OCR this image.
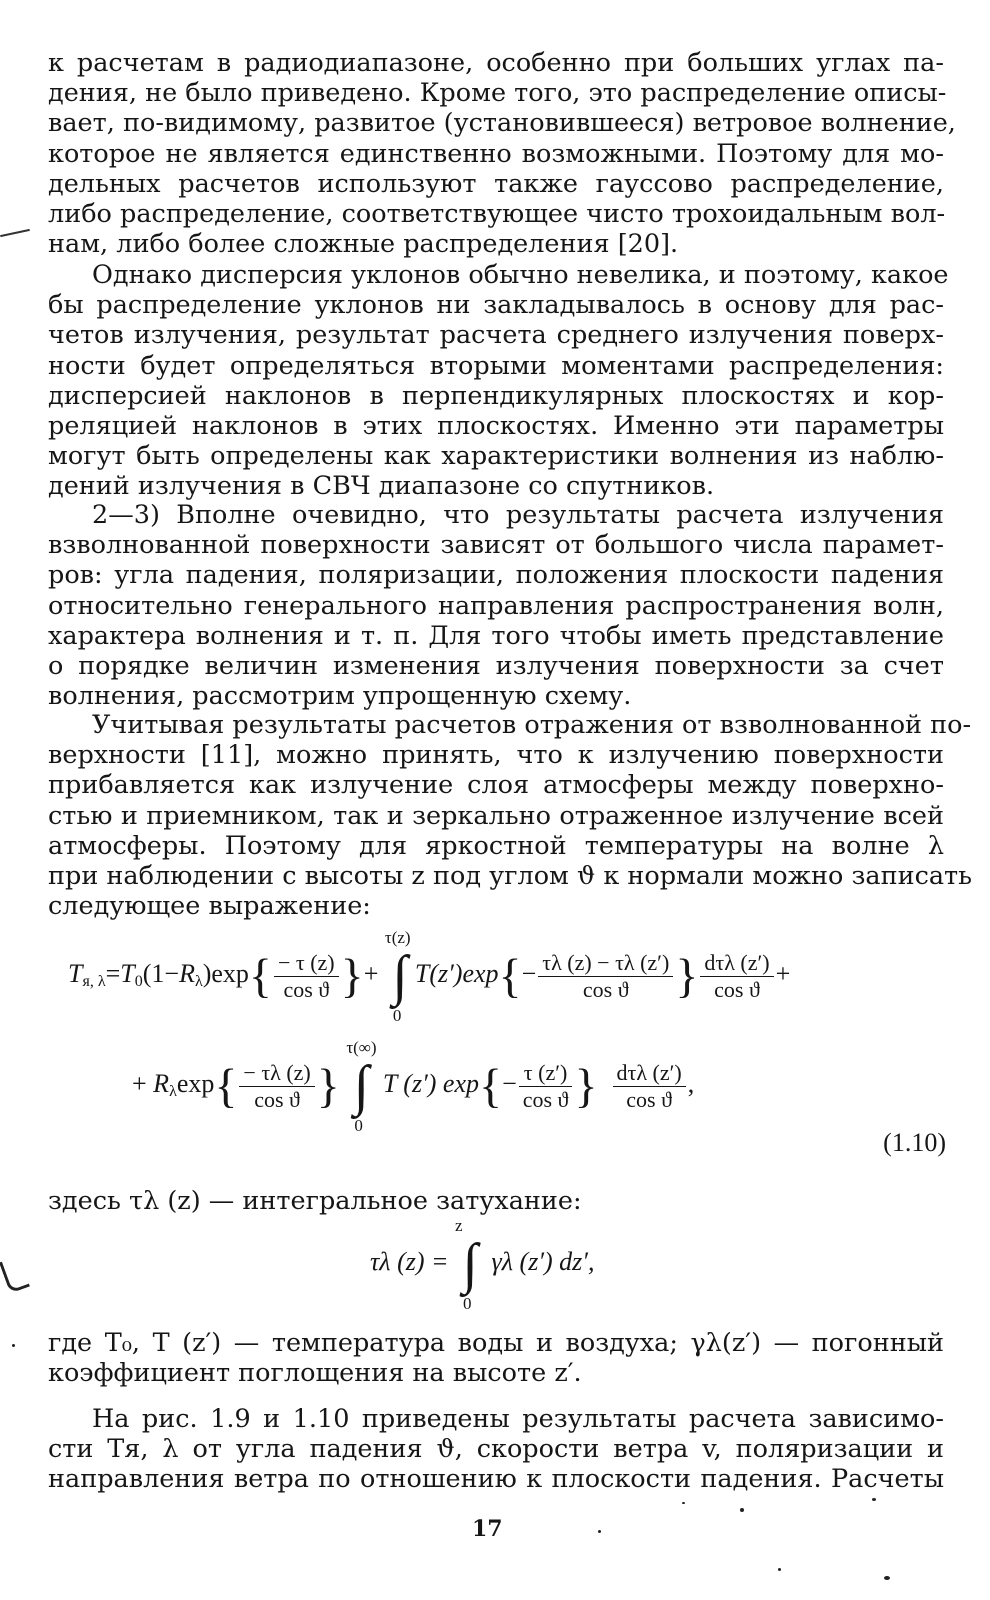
к расчетам в радиодиапазоне, особенно при больших углах па-
дения, не было приведено. Кроме того, это распределение описы-
вает, по-видимому, развитое (установившееся) ветровое волнение,
которое не является единственно возможными. Поэтому для мо-
дельных расчетов используют также гауссово распределение,
либо распределение, соответствующее чисто трохоидальным вол-
нам, либо более сложные распределения [20].

Однако дисперсия уклонов обычно невелика, и поэтому, какое
бы распределение уклонов ни закладывалось в основу для рас-
четов излучения, результат расчета среднего излучения поверх-
ности будет определяться вторыми моментами распределения:
дисперсией наклонов в перпендикулярных плоскостях и кор-
реляцией наклонов в этих плоскостях. Именно эти параметры
могут быть определены как характеристики волнения из наблю-
дений излучения в СВЧ диапазоне со спутников.

2—3) Вполне очевидно, что результаты расчета излучения
взволнованной поверхности зависят от большого числа парамет-
ров: угла падения, поляризации, положения плоскости падения
относительно генерального направления распространения волн,
характера волнения и т. п. Для того чтобы иметь представление
о порядке величин изменения излучения поверхности за счет
волнения, рассмотрим упрощенную схему.

Учитывая результаты расчетов отражения от взволнованной по-
верхности [11], можно принять, что к излучению поверхности
прибавляется как излучение слоя атмосферы между поверхно-
стью и приемником, так и зеркально отраженное излучение всей
атмосферы. Поэтому для яркостной температуры на волне λ
при наблюдении с высоты z под углом ϑ к нормали можно записать
следующее выражение:

$T_{я, \lambda}=T_0(1-R_\lambda)\exp\{ \frac{- \tau (z)}{\text{cos ϑ}}$ }+
τ(z)
∫
0
$T(z')\exp\{- \frac{\tau\lambda (z) - \tau\lambda (z')}{\text{cos ϑ}}$ } $\frac{\text{dτλ (z′)}}{\text{cos ϑ}}$ +
+ $R_\lambda\exp\{ \frac{- \tau\lambda (z)}{\text{cos ϑ}}$ }
τ(∞)
∫
0
T (z′) $\exp\{- \frac{\tau (z')}{\text{cos ϑ}}$ } $\frac{\text{dτλ (z′)}}{\text{cos ϑ}}$ ,
(1.10)

здесь τλ (z) — интегральное затухание:

τλ (z) =
z
∫
0
γλ (z′) dz′,

где T₀, T (z′) — температура воды и воздуха; γλ(z′) — погонный
коэффициент поглощения на высоте z′.

На рис. 1.9 и 1.10 приведены результаты расчета зависимо-
сти Tя, λ от угла падения ϑ, скорости ветра v, поляризации и
направления ветра по отношению к плоскости падения. Расчеты

17
